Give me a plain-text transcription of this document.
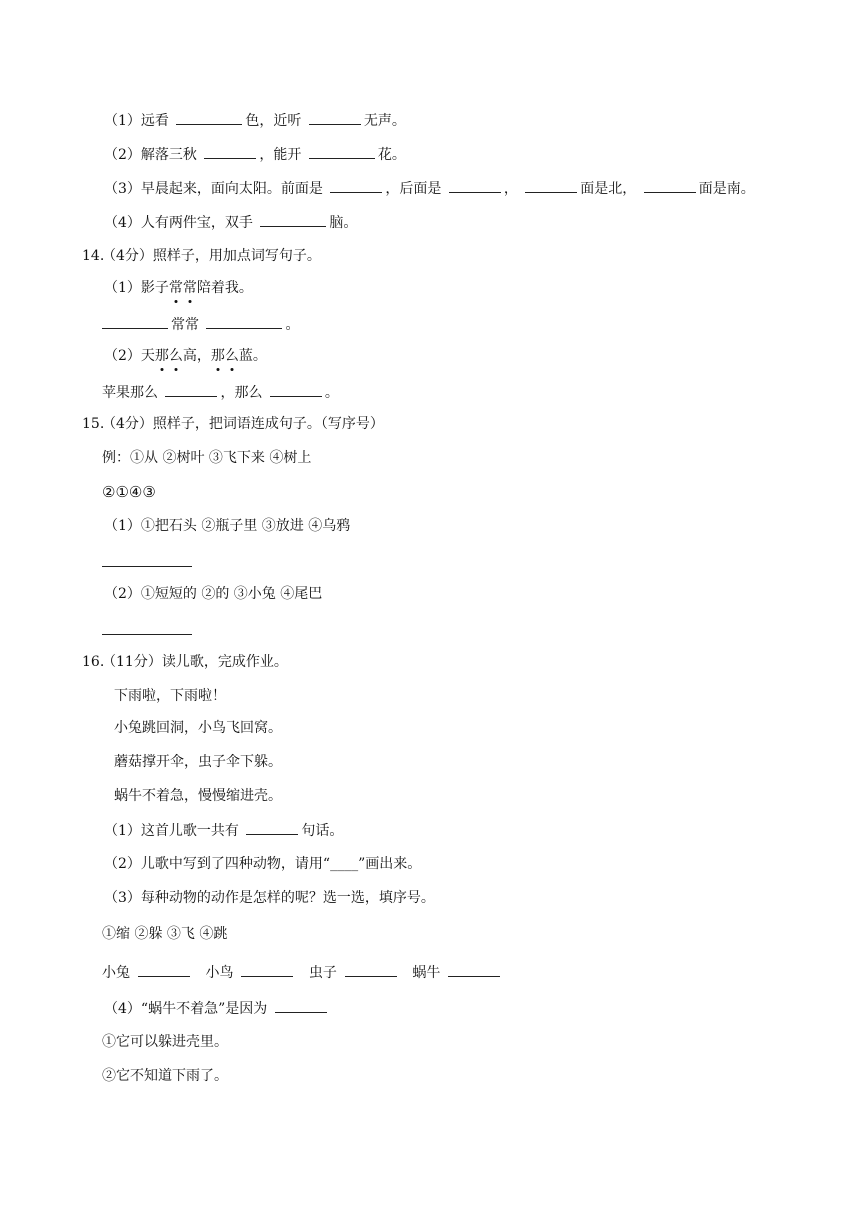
（1）远看	色，近听	无声。
（2）解落三秋	，能开	花。
（3）早晨起来，面向太阳。前面是	，后面是	，	面是北，	面是南。
（4）人有两件宝，双手	脑。
14.（4分）照样子，用加点词写句子。
（1）影子常常陪着我。
常常	。
（2）天那么高，那么蓝。
苹果那么	，那么	。
15.（4分）照样子，把词语连成句子。（写序号）
例：①从 ②树叶 ③飞下来 ④树上
②①④③
（1）①把石头 ②瓶子里 ③放进 ④乌鸦
（2）①短短的 ②的 ③小兔 ④尾巴
16.（11分）读儿歌，完成作业。
下雨啦，下雨啦！
小兔跳回洞，小鸟飞回窝。
蘑菇撑开伞，虫子伞下躲。
蜗牛不着急，慢慢缩进壳。
（1）这首儿歌一共有	句话。
（2）儿歌中写到了四种动物，请用“____”画出来。
（3）每种动物的动作是怎样的呢？选一选，填序号。
①缩 ②躲 ③飞 ④跳
小兔	小鸟	虫子	蜗牛
（4）“蜗牛不着急”是因为
①它可以躲进壳里。
②它不知道下雨了。
